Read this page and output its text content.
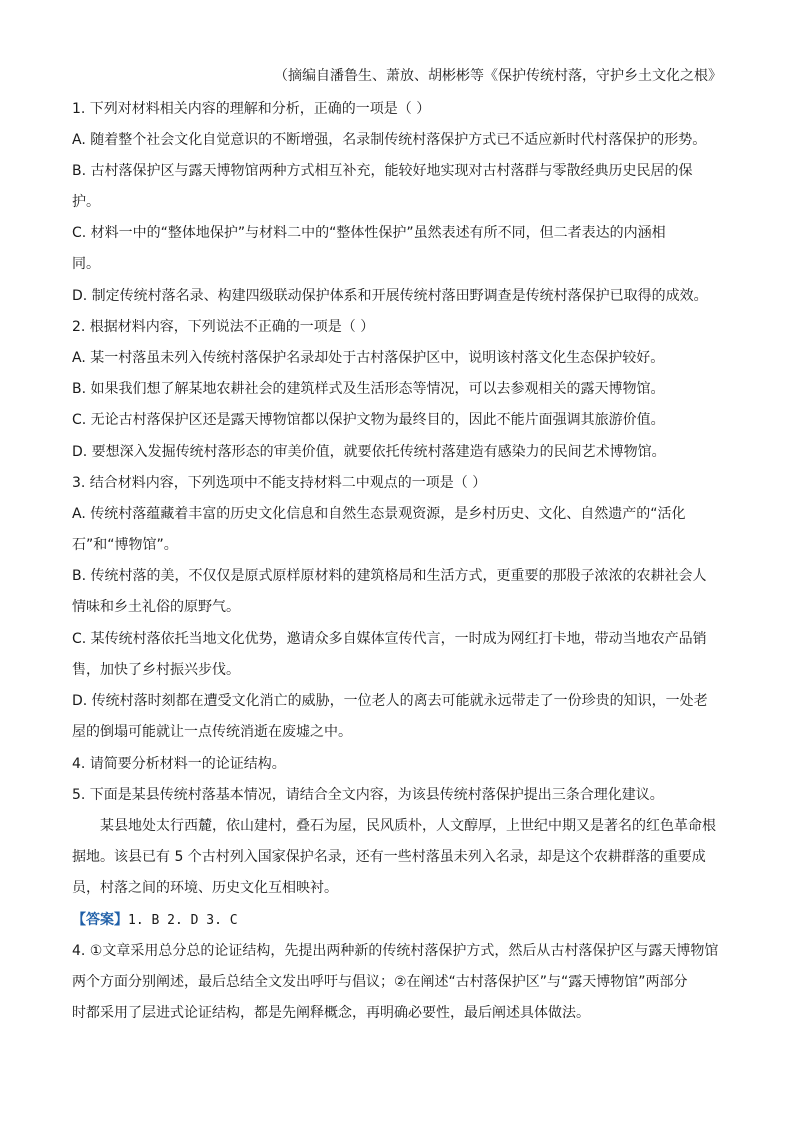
（摘编自潘鲁生、萧放、胡彬彬等《保护传统村落，守护乡土文化之根》
1. 下列对材料相关内容的理解和分析，正确的一项是（ ）
A. 随着整个社会文化自觉意识的不断增强，名录制传统村落保护方式已不适应新时代村落保护的形势。
B. 古村落保护区与露天博物馆两种方式相互补充，能较好地实现对古村落群与零散经典历史民居的保
护。
C. 材料一中的“整体地保护”与材料二中的“整体性保护”虽然表述有所不同，但二者表达的内涵相
同。
D. 制定传统村落名录、构建四级联动保护体系和开展传统村落田野调查是传统村落保护已取得的成效。
2. 根据材料内容，下列说法不正确的一项是（ ）
A. 某一村落虽未列入传统村落保护名录却处于古村落保护区中，说明该村落文化生态保护较好。
B. 如果我们想了解某地农耕社会的建筑样式及生活形态等情况，可以去参观相关的露天博物馆。
C. 无论古村落保护区还是露天博物馆都以保护文物为最终目的，因此不能片面强调其旅游价值。
D. 要想深入发掘传统村落形态的审美价值，就要依托传统村落建造有感染力的民间艺术博物馆。
3. 结合材料内容，下列选项中不能支持材料二中观点的一项是（ ）
A. 传统村落蕴藏着丰富的历史文化信息和自然生态景观资源，是乡村历史、文化、自然遗产的“活化
石”和“博物馆”。
B. 传统村落的美，不仅仅是原式原样原材料的建筑格局和生活方式，更重要的那股子浓浓的农耕社会人
情味和乡土礼俗的原野气。
C. 某传统村落依托当地文化优势，邀请众多自媒体宣传代言，一时成为网红打卡地，带动当地农产品销
售，加快了乡村振兴步伐。
D. 传统村落时刻都在遭受文化消亡的威胁，一位老人的离去可能就永远带走了一份珍贵的知识，一处老
屋的倒塌可能就让一点传统消逝在废墟之中。
4. 请简要分析材料一的论证结构。
5. 下面是某县传统村落基本情况，请结合全文内容，为该县传统村落保护提出三条合理化建议。
某县地处太行西麓，依山建村，叠石为屋，民风质朴，人文醇厚，上世纪中期又是著名的红色革命根
据地。该县已有 5 个古村列入国家保护名录，还有一些村落虽未列入名录，却是这个农耕群落的重要成
员，村落之间的环境、历史文化互相映衬。
【答案】1. B 2. D 3. C
4. ①文章采用总分总的论证结构，先提出两种新的传统村落保护方式，然后从古村落保护区与露天博物馆
两个方面分别阐述，最后总结全文发出呼吁与倡议；②在阐述“古村落保护区”与“露天博物馆”两部分
时都采用了层进式论证结构，都是先阐释概念，再明确必要性，最后阐述具体做法。
